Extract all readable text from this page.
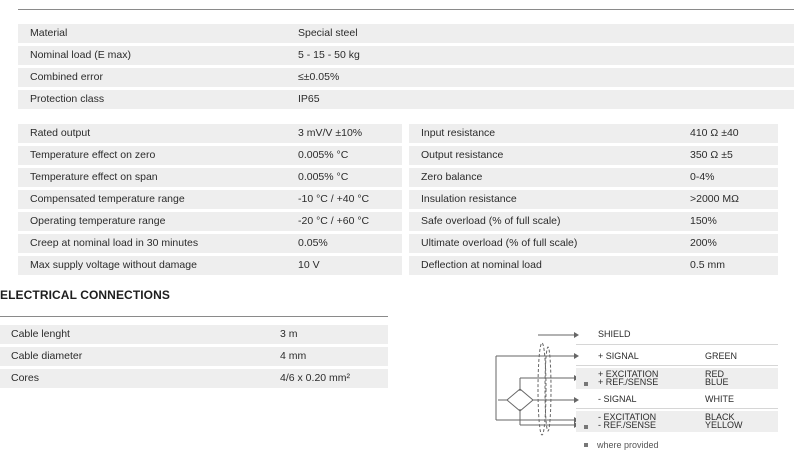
Material	Special steel
Nominal load (E max)	5 - 15 - 50 kg
Combined error	≤±0.05%
Protection class	IP65
Rated output	3 mV/V ±10%
Temperature effect on zero	0.005% °C
Temperature effect on span	0.005% °C
Compensated temperature range	-10 °C / +40 °C
Operating temperature range	-20 °C / +60 °C
Creep at nominal load in 30 minutes	0.05%
Max supply voltage without damage	10 V
Input resistance	410 Ω ±40
Output resistance	350 Ω ±5
Zero balance	0-4%
Insulation resistance	>2000 MΩ
Safe overload (% of full scale)	150%
Ultimate overload (% of full scale)	200%
Deflection at nominal load	0.5 mm
ELECTRICAL CONNECTIONS
Cable lenght	3 m
Cable diameter	4 mm
Cores	4/6 x 0.20 mm²
SHIELD
+ SIGNAL	GREEN
+ EXCITATION	RED
+ REF./SENSE	BLUE
- SIGNAL	WHITE
- EXCITATION	BLACK
- REF./SENSE	YELLOW
where provided
